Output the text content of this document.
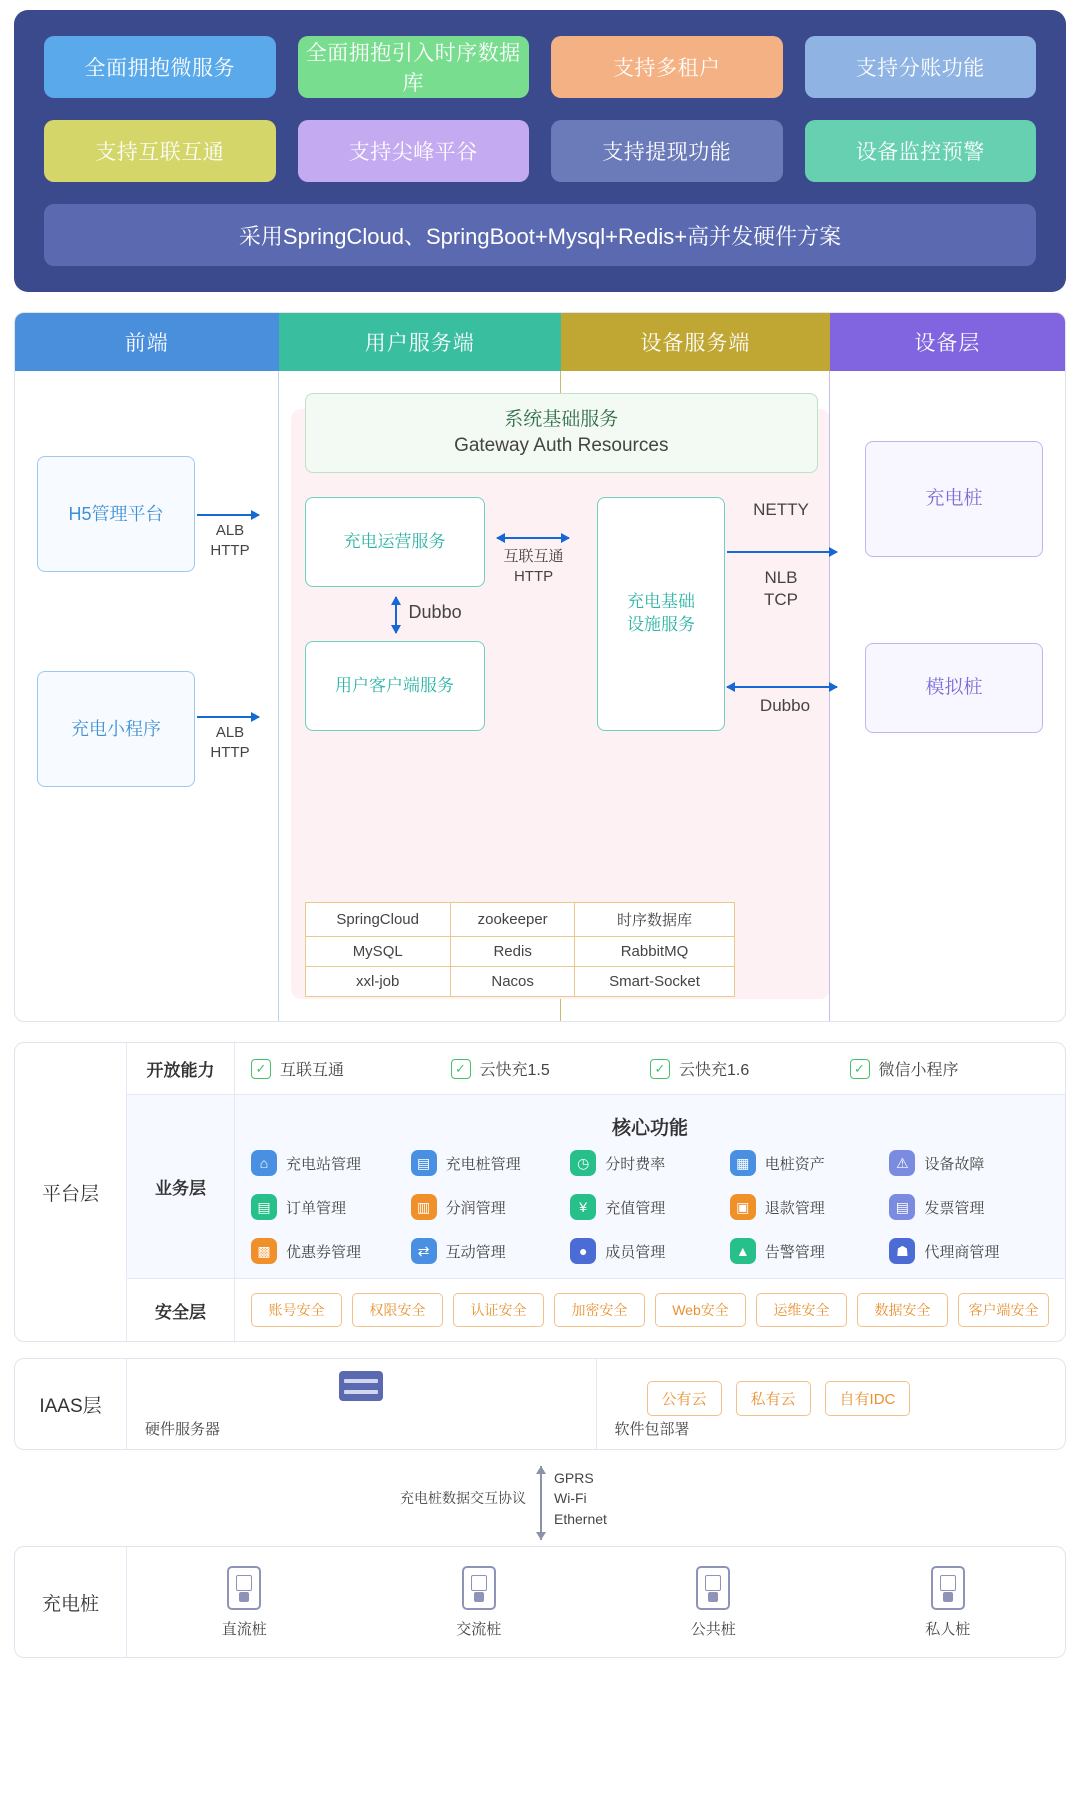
全面拥抱微服务
全面拥抱引入时序数据库
支持多租户	支持分账功能
支持互联互通	支持尖峰平谷	支持提现功能	设备监控预警
采用SpringCloud、SpringBoot+Mysql+Redis+高并发硬件方案
前端	用户服务端	设备服务端	设备层
H5管理平台
充电小程序
ALB
HTTP
ALB
HTTP
系统基础服务
Gateway Auth Resources
充电运营服务
用户客户端服务
Dubbo
互联互通
HTTP
SpringCloud	zookeeper	时序数据库
MySQL	Redis	RabbitMQ
xxl-job	Nacos	Smart-Socket
充电基础
设施服务
NETTY
NLB
TCP
Dubbo
充电桩
模拟桩
平台层
开放能力	✓ 互联互通	✓ 云快充1.5	✓ 云快充1.6	✓ 微信小程序
业务层
核心功能
⌂	充电站管理	▤	充电桩管理	◷	分时费率	▦	电桩资产	⚠	设备故障
▤	订单管理	▥	分润管理	¥	充值管理	▣	退款管理	▤	发票管理
▩	优惠券管理	⇄	互动管理	●	成员管理	▲	告警管理	☗	代理商管理
安全层	账号安全	权限安全	认证安全	加密安全	Web安全	运维安全	数据安全	客户端安全
IAAS层
硬件服务器
公有云	私有云	自有IDC
软件包部署
充电桩数据交互协议
GPRS
Wi-Fi
Ethernet
充电桩
直流桩	交流桩	公共桩	私人桩
